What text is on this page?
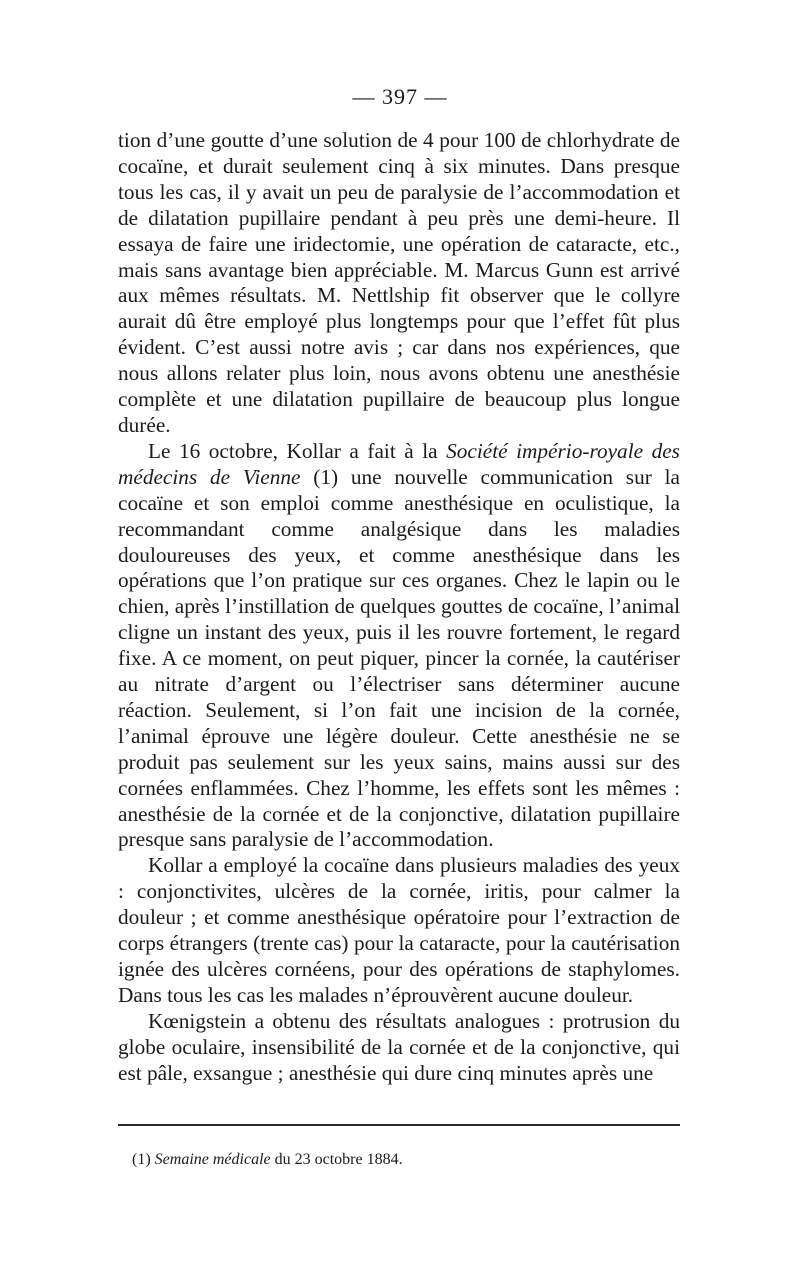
— 397 —

tion d’une goutte d’une solution de 4 pour 100 de chlorhydrate de cocaïne, et durait seulement cinq à six minutes. Dans presque tous les cas, il y avait un peu de paralysie de l’accommodation et de dilatation pupillaire pendant à peu près une demi-heure. Il essaya de faire une iridectomie, une opération de cataracte, etc., mais sans avantage bien appréciable. M. Marcus Gunn est arrivé aux mêmes résultats. M. Nettlship fit observer que le collyre aurait dû être employé plus longtemps pour que l’effet fût plus évident. C’est aussi notre avis ; car dans nos expériences, que nous allons relater plus loin, nous avons obtenu une anesthésie complète et une dilatation pupillaire de beaucoup plus longue durée.

Le 16 octobre, Kollar a fait à la Société império-royale des médecins de Vienne (1) une nouvelle communication sur la cocaïne et son emploi comme anesthésique en oculistique, la recommandant comme analgésique dans les maladies douloureuses des yeux, et comme anesthésique dans les opérations que l’on pratique sur ces organes. Chez le lapin ou le chien, après l’instillation de quelques gouttes de cocaïne, l’animal cligne un instant des yeux, puis il les rouvre fortement, le regard fixe. A ce moment, on peut piquer, pincer la cornée, la cautériser au nitrate d’argent ou l’électriser sans déterminer aucune réaction. Seulement, si l’on fait une incision de la cornée, l’animal éprouve une légère douleur. Cette anesthésie ne se produit pas seulement sur les yeux sains, mains aussi sur des cornées enflammées. Chez l’homme, les effets sont les mêmes : anesthésie de la cornée et de la conjonctive, dilatation pupillaire presque sans paralysie de l’accommodation.

Kollar a employé la cocaïne dans plusieurs maladies des yeux : conjonctivites, ulcères de la cornée, iritis, pour calmer la douleur ; et comme anesthésique opératoire pour l’extraction de corps étrangers (trente cas) pour la cataracte, pour la cautérisation ignée des ulcères cornéens, pour des opérations de staphylomes. Dans tous les cas les malades n’éprouvèrent aucune douleur.

Kœnigstein a obtenu des résultats analogues : protrusion du globe oculaire, insensibilité de la cornée et de la conjonctive, qui est pâle, exsangue ; anesthésie qui dure cinq minutes après une

(1) Semaine médicale du 23 octobre 1884.
